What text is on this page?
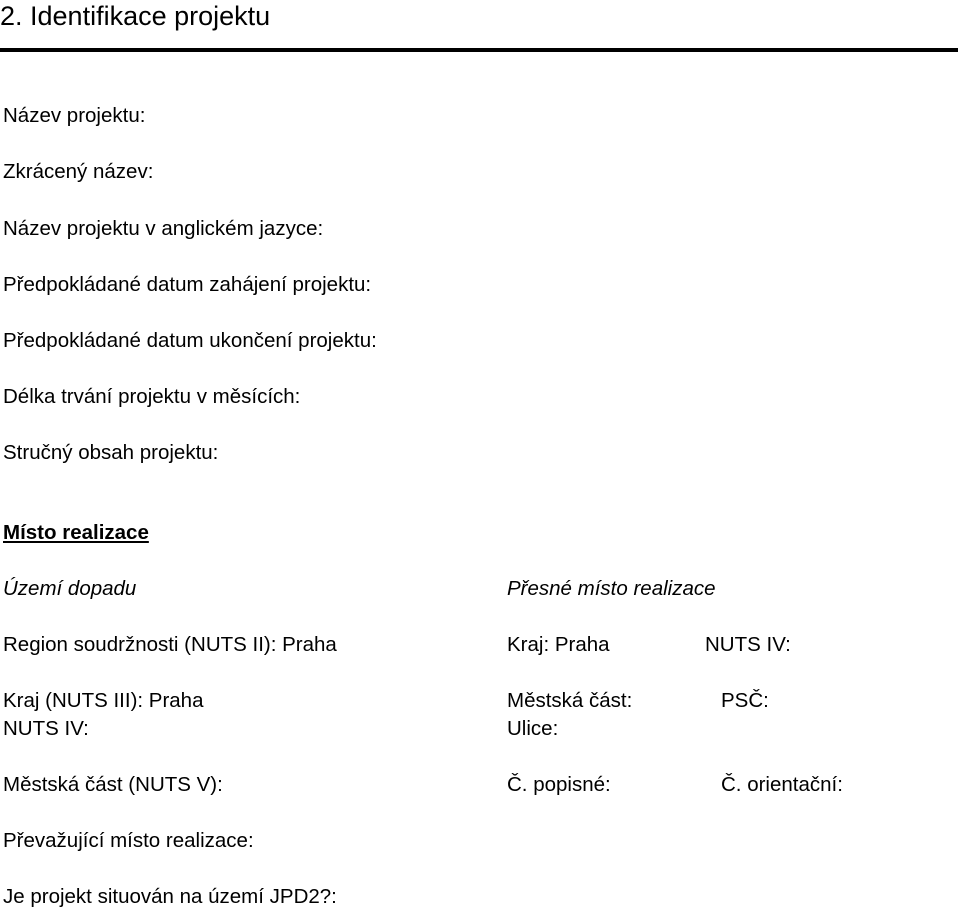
2. Identifikace projektu
Název projektu:
Zkrácený název:
Název projektu v anglickém jazyce:
Předpokládané datum zahájení projektu:
Předpokládané datum ukončení projektu:
Délka trvání projektu v měsících:
Stručný obsah projektu:
Místo realizace
Území dopadu	Přesné místo realizace
Region soudržnosti (NUTS II): Praha	Kraj: Praha	NUTS IV:
Kraj (NUTS III): Praha	Městská část:	PSČ:
NUTS IV:	Ulice:
Městská část (NUTS V):	Č. popisné:	Č. orientační:
Převažující místo realizace:
Je projekt situován na území JPD2?:
